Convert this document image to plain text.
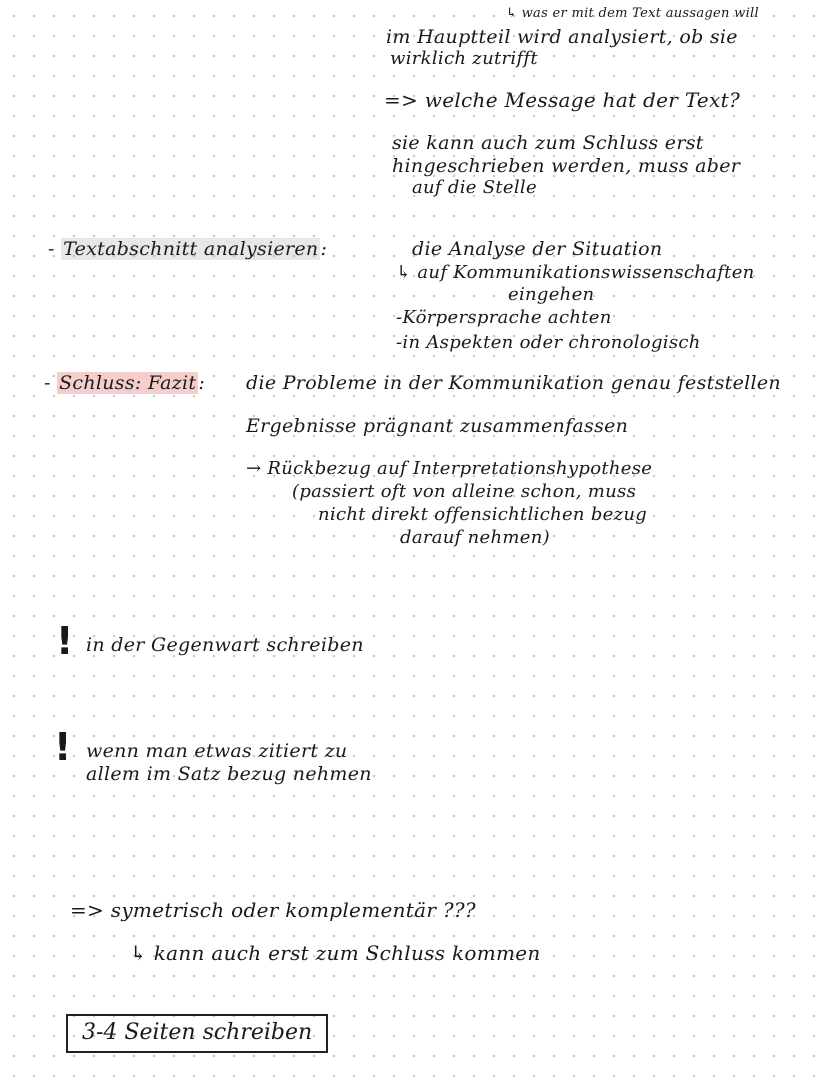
↳ was er mit dem Text aussagen will
im Hauptteil wird analysiert, ob sie
wirklich zutrifft
=> welche Message hat der Text?
sie kann auch zum Schluss erst
hingeschrieben werden, muss aber
auf die Stelle
- Textabschnitt analysieren :	die Analyse der Situation
↳ auf Kommunikationswissenschaften
eingehen
-Körpersprache achten
-in Aspekten oder chronologisch
- Schluss: Fazit : die Probleme in der Kommunikation genau feststellen
Ergebnisse prägnant zusammenfassen
→ Rückbezug auf Interpretationshypothese
(passiert oft von alleine schon, muss
nicht direkt offensichtlichen bezug
darauf nehmen)
! in der Gegenwart schreiben
! wenn man etwas zitiert zu
allem im Satz bezug nehmen
=> symetrisch oder komplementär ???
↳ kann auch erst zum Schluss kommen
3-4 Seiten schreiben
